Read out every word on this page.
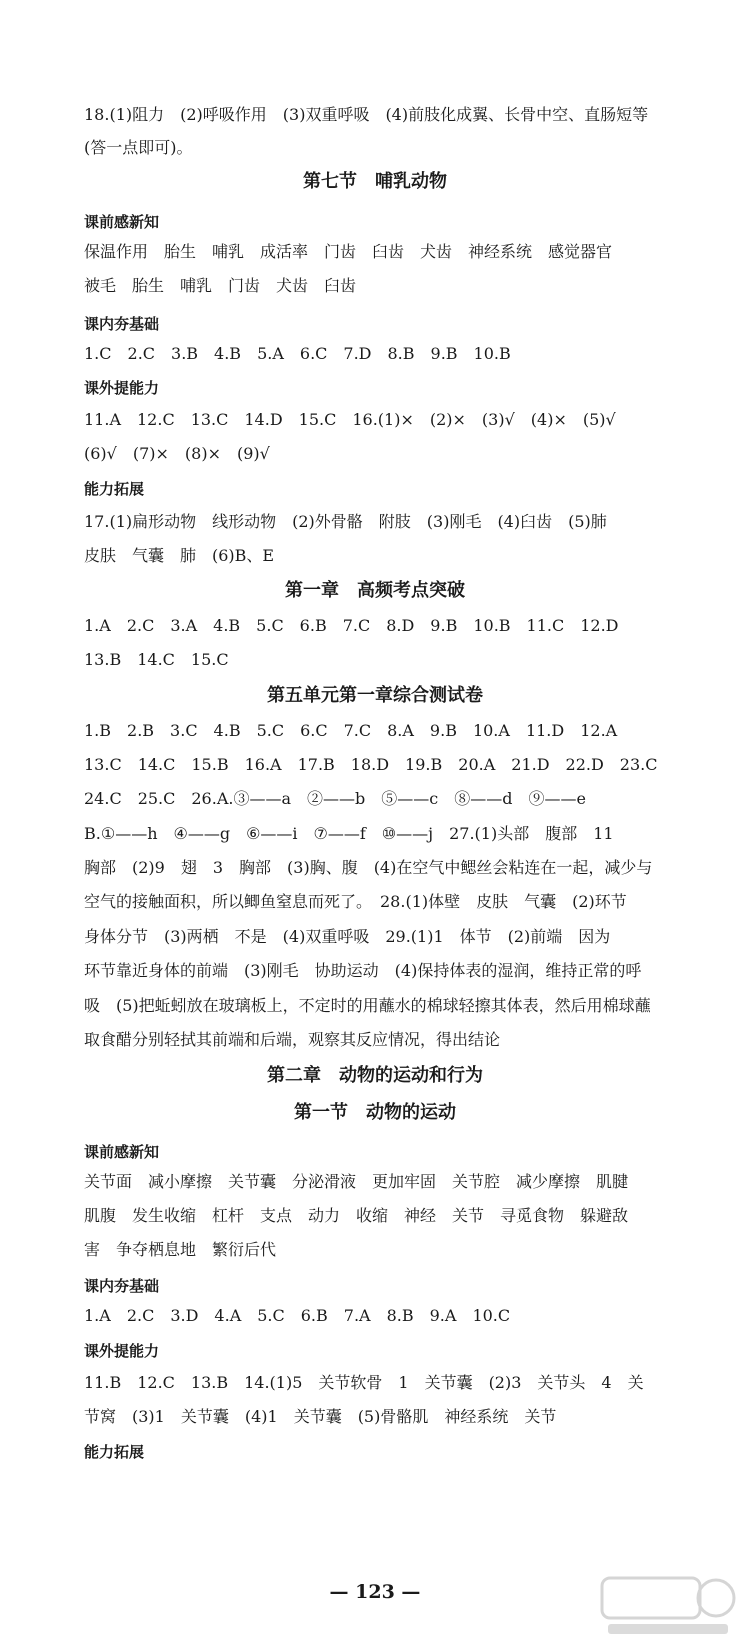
18.(1)阻力　(2)呼吸作用　(3)双重呼吸　(4)前肢化成翼、长骨中空、直肠短等
(答一点即可)。
第七节　哺乳动物
课前感新知
保温作用　胎生　哺乳　成活率　门齿　臼齿　犬齿　神经系统　感觉器官
被毛　胎生　哺乳　门齿　犬齿　臼齿
课内夯基础
1.C　2.C　3.B　4.B　5.A　6.C　7.D　8.B　9.B　10.B
课外提能力
11.A　12.C　13.C　14.D　15.C　16.(1)×　(2)×　(3)√　(4)×　(5)√
(6)√　(7)×　(8)×　(9)√
能力拓展
17.(1)扁形动物　线形动物　(2)外骨骼　附肢　(3)刚毛　(4)臼齿　(5)肺
皮肤　气囊　肺　(6)B、E
第一章　高频考点突破
1.A　2.C　3.A　4.B　5.C　6.B　7.C　8.D　9.B　10.B　11.C　12.D
13.B　14.C　15.C
第五单元第一章综合测试卷
1.B　2.B　3.C　4.B　5.C　6.C　7.C　8.A　9.B　10.A　11.D　12.A
13.C　14.C　15.B　16.A　17.B　18.D　19.B　20.A　21.D　22.D　23.C
24.C　25.C　26.A.③——a　②——b　⑤——c　⑧——d　⑨——e
B.①——h　④——g　⑥——i　⑦——f　⑩——j　27.(1)头部　腹部　11
胸部　(2)9　翅　3　胸部　(3)胸、腹　(4)在空气中鳃丝会粘连在一起，减少与
空气的接触面积，所以鲫鱼窒息而死了。　28.(1)体壁　皮肤　气囊　(2)环节
身体分节　(3)两栖　不是　(4)双重呼吸　29.(1)1　体节　(2)前端　因为
环节靠近身体的前端　(3)刚毛　协助运动　(4)保持体表的湿润，维持正常的呼
吸　(5)把蚯蚓放在玻璃板上，不定时的用蘸水的棉球轻擦其体表，然后用棉球蘸
取食醋分别轻拭其前端和后端，观察其反应情况，得出结论
第二章　动物的运动和行为
第一节　动物的运动
课前感新知
关节面　减小摩擦　关节囊　分泌滑液　更加牢固　关节腔　减少摩擦　肌腱
肌腹　发生收缩　杠杆　支点　动力　收缩　神经　关节　寻觅食物　躲避敌
害　争夺栖息地　繁衍后代
课内夯基础
1.A　2.C　3.D　4.A　5.C　6.B　7.A　8.B　9.A　10.C
课外提能力
11.B　12.C　13.B　14.(1)5　关节软骨　1　关节囊　(2)3　关节头　4　关
节窝　(3)1　关节囊　(4)1　关节囊　(5)骨骼肌　神经系统　关节
能力拓展
— 123 —
